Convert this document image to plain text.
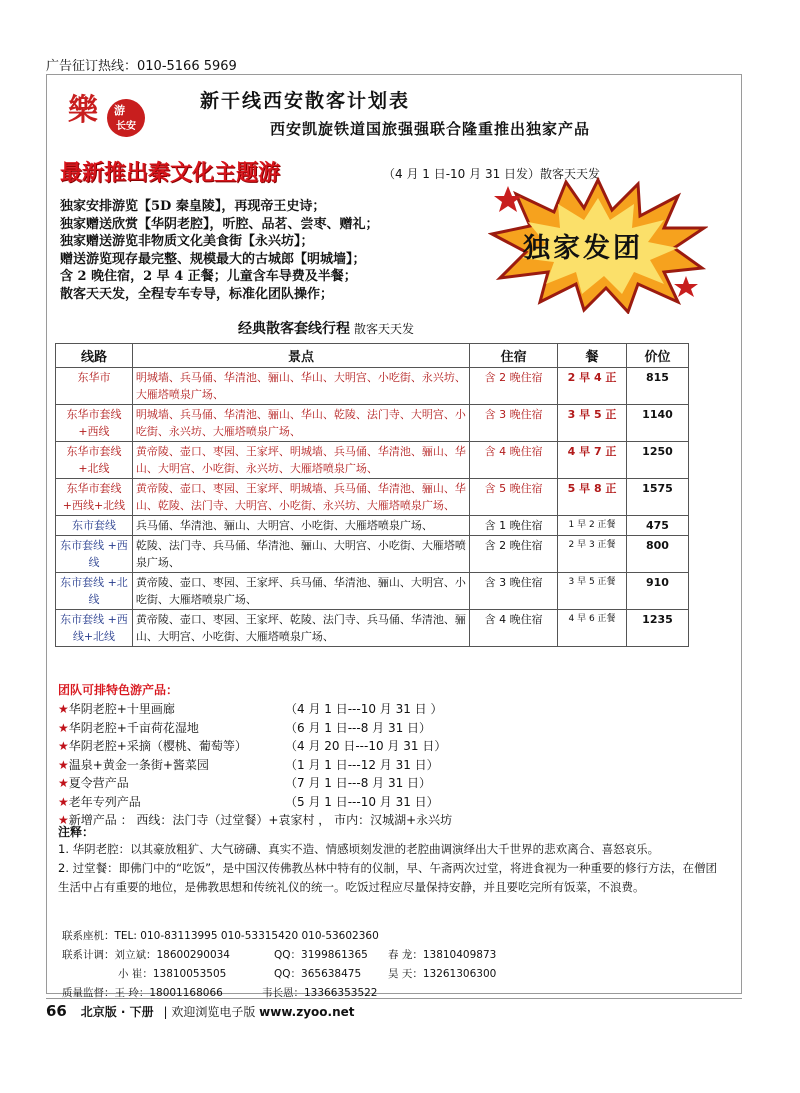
广告征订热线：010-5166 5969
樂 游
长安
新干线西安散客计划表
西安凯旋铁道国旅强强联合隆重推出独家产品
最新推出秦文化主题游	（4 月 1 日-10 月 31 日发）散客天天发
独家安排游览【5D 秦皇陵】，再现帝王史诗；
独家赠送欣赏【华阴老腔】，听腔、品茗、尝枣、赠礼；
独家赠送游览非物质文化美食街【永兴坊】；
赠送游览现存最完整、规模最大的古城郎【明城墙】；
含 2 晚住宿，2 早 4 正餐；儿童含车导费及半餐；
散客天天发，全程专车专导，标准化团队操作；
独家发团
经典散客套线行程 散客天天发
线路	景点	住宿	餐	价位
东华市	明城墙、兵马俑、华清池、骊山、华山、大明宫、小吃街、永兴坊、大雁塔喷泉广场、	含 2 晚住宿	2 早 4 正	815
东华市套线 +西线	明城墙、兵马俑、华清池、骊山、华山、乾陵、法门寺、大明宫、小吃街、永兴坊、大雁塔喷泉广场、	含 3 晚住宿	3 早 5 正	1140
东华市套线 +北线	黄帝陵、壶口、枣园、王家坪、明城墙、兵马俑、华清池、骊山、华山、大明宫、小吃街、永兴坊、大雁塔喷泉广场、	含 4 晚住宿	4 早 7 正	1250
东华市套线 +西线+北线	黄帝陵、壶口、枣园、王家坪、明城墙、兵马俑、华清池、骊山、华山、乾陵、法门寺、大明宫、小吃街、永兴坊、大雁塔喷泉广场、	含 5 晚住宿	5 早 8 正	1575
东市套线	兵马俑、华清池、骊山、大明宫、小吃街、大雁塔喷泉广场、	含 1 晚住宿	1 早 2 正餐	475
东市套线 +西线	乾陵、法门寺、兵马俑、华清池、骊山、大明宫、小吃街、大雁塔喷泉广场、	含 2 晚住宿	2 早 3 正餐	800
东市套线 +北线	黄帝陵、壶口、枣园、王家坪、兵马俑、华清池、骊山、大明宫、小吃街、大雁塔喷泉广场、	含 3 晚住宿	3 早 5 正餐	910
东市套线 +西线+北线	黄帝陵、壶口、枣园、王家坪、乾陵、法门寺、兵马俑、华清池、骊山、大明宫、小吃街、大雁塔喷泉广场、	含 4 晚住宿	4 早 6 正餐	1235
团队可排特色游产品：
★华阴老腔+十里画廊	（4 月 1 日---10 月 31 日 ）
★华阴老腔+千亩荷花湿地	（6 月 1 日---8 月 31 日）
★华阴老腔+采摘（樱桃、葡萄等）	（4 月 20 日---10 月 31 日）
★温泉+黄金一条街+酱菜园	（1 月 1 日---12 月 31 日）
★夏令营产品	（7 月 1 日---8 月 31 日）
★老年专列产品	（5 月 1 日---10 月 31 日）
★新增产品 ： 西线：法门寺（过堂餐）+袁家村 ， 市内：汉城湖+永兴坊
注释：
1. 华阴老腔：以其豪放粗犷、大气磅礴、真实不造、情感顷刻发泄的老腔曲调演绎出大千世界的悲欢离合、喜怒哀乐。
2. 过堂餐：即佛门中的“吃饭”，是中国汉传佛教丛林中特有的仪制，早、午斋两次过堂，将进食视为一种重要的修行方法，在僧团生活中占有重要的地位，是佛教思想和传统礼仪的统一。吃饭过程应尽量保持安静，并且要吃完所有饭菜，不浪费。
联系座机：TEL: 010-83113995 010-53315420 010-53602360
联系计调：刘立斌：18600290034	QQ：3199861365 春 龙：13810409873
小 崔：13810053505	QQ：365638475	昊 天：13261306300
质量监督：王 玲：18001168066	韦长恩：13366353522
66 北京版 · 下册 | 欢迎浏览电子版 www.zyoo.net
